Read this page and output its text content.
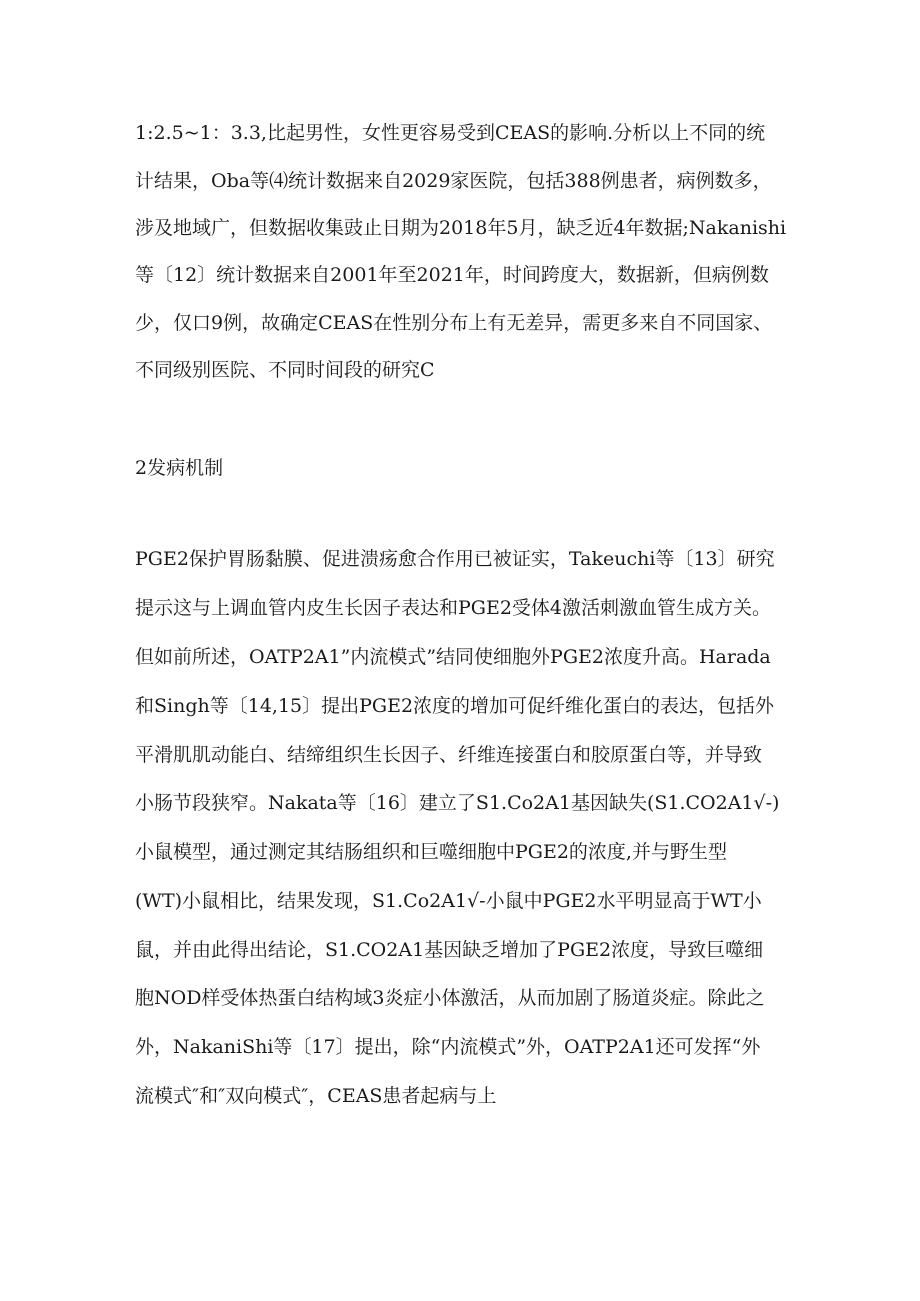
1:2.5~1：3.3,比起男性，女性更容易受到CEAS的影响.分析以上不同的统
计结果，Oba等⑷统计数据来自2029家医院，包括388例患者，病例数多，
涉及地域广，但数据收集豉止日期为2018年5月，缺乏近4年数据;Nakanishi
等〔12〕统计数据来自2001年至2021年，时间跨度大，数据新，但病例数
少，仅口9例，故确定CEAS在性别分布上有无差异，需更多来自不同国家、
不同级别医院、不同时间段的研究C
2发病机制
PGE2保护胃肠黏膜、促进溃疡愈合作用已被证实，Takeuchi等〔13〕研究
提示这与上调血管内皮生长因子表达和PGE2受体4激活刺激血管生成方关。
但如前所述，OATP2A1”内流模式”结同使细胞外PGE2浓度升高。Harada
和Singh等〔14,15〕提出PGE2浓度的增加可促纤维化蛋白的表达，包括外
平滑肌肌动能白、结缔组织生长因子、纤维连接蛋白和胶原蛋白等，并导致
小肠节段狭窄。Nakata等〔16〕建立了S1.Co2A1基因缺失(S1.CO2A1√-)
小鼠模型，通过测定其结肠组织和巨噬细胞中PGE2的浓度,并与野生型
(WT)小鼠相比，结果发现，S1.Co2A1√-小鼠中PGE2水平明显高于WT小
鼠，并由此得出结论，S1.CO2A1基因缺乏增加了PGE2浓度，导致巨噬细
胞NOD样受体热蛋白结构域3炎症小体激活，从而加剧了肠道炎症。除此之
外，NakaniShi等〔17〕提出，除“内流模式”外，OATP2A1还可发挥“外
流模式″和″双向模式″，CEAS患者起病与上
